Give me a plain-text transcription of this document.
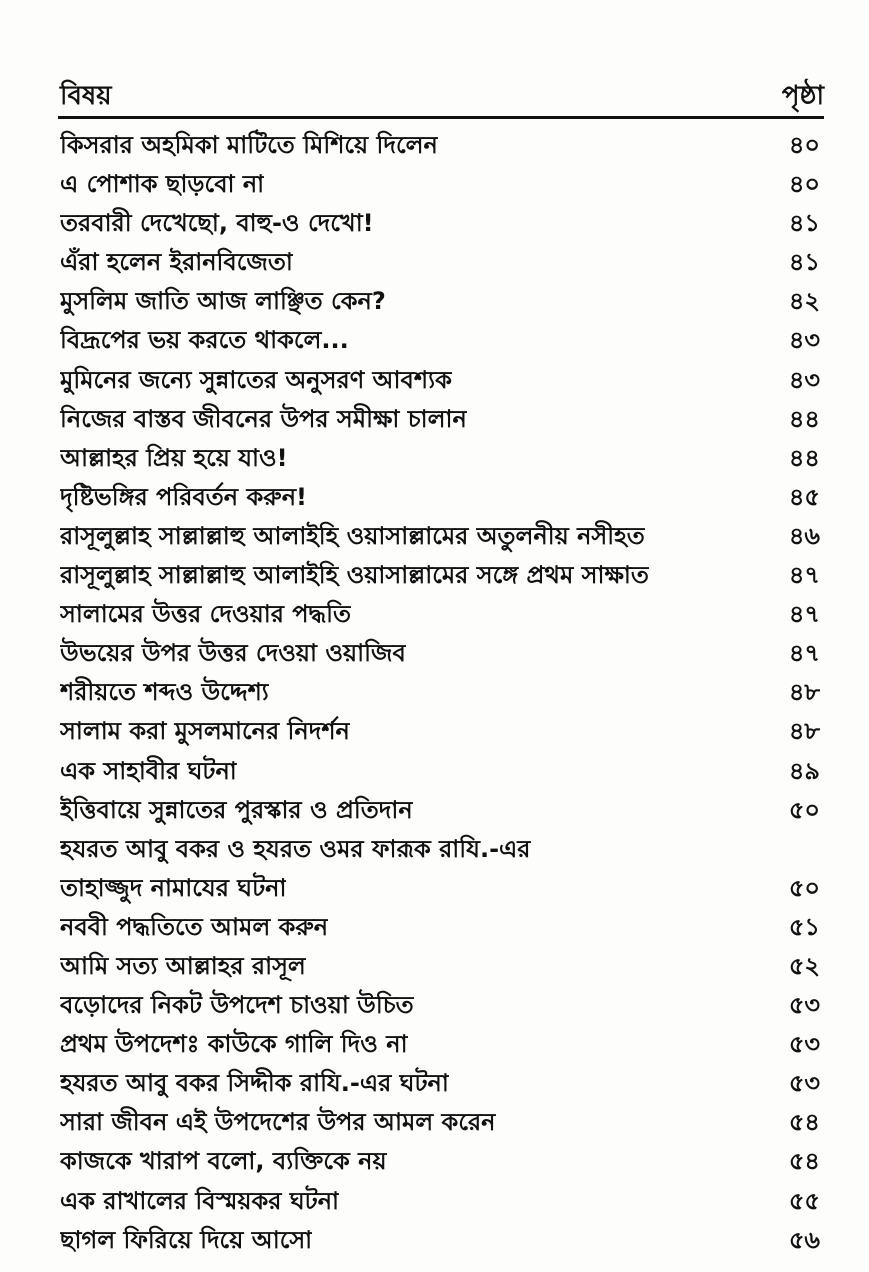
বিষয়	পৃষ্ঠা
কিসরার অহমিকা মাটিতে মিশিয়ে দিলেন	৪০
এ পোশাক ছাড়বো না	৪০
তরবারী দেখেছো, বাহু-ও দেখো!	৪১
এঁরা হলেন ইরানবিজেতা	৪১
মুসলিম জাতি আজ লাঞ্ছিত কেন?	৪২
বিদ্রূপের ভয় করতে থাকলে...	৪৩
মুমিনের জন্যে সুন্নাতের অনুসরণ আবশ্যক	৪৩
নিজের বাস্তব জীবনের উপর সমীক্ষা চালান	৪৪
আল্লাহর প্রিয় হয়ে যাও!	৪৪
দৃষ্টিভঙ্গির পরিবর্তন করুন!	৪৫
রাসূলুল্লাহ সাল্লাল্লাহু আলাইহি ওয়াসাল্লামের অতুলনীয় নসীহত	৪৬
রাসূলুল্লাহ সাল্লাল্লাহু আলাইহি ওয়াসাল্লামের সঙ্গে প্রথম সাক্ষাত	৪৭
সালামের উত্তর দেওয়ার পদ্ধতি	৪৭
উভয়ের উপর উত্তর দেওয়া ওয়াজিব	৪৭
শরীয়তে শব্দও উদ্দেশ্য	৪৮
সালাম করা মুসলমানের নিদর্শন	৪৮
এক সাহাবীর ঘটনা	৪৯
ইত্তিবায়ে সুন্নাতের পুরস্কার ও প্রতিদান	৫০
হযরত আবু বকর ও হযরত ওমর ফারূক রাযি.-এর
তাহাজ্জুদ নামাযের ঘটনা	৫০
নববী পদ্ধতিতে আমল করুন	৫১
আমি সত্য আল্লাহর রাসূল	৫২
বড়োদের নিকট উপদেশ চাওয়া উচিত	৫৩
প্রথম উপদেশঃ কাউকে গালি দিও না	৫৩
হযরত আবু বকর সিদ্দীক রাযি.-এর ঘটনা	৫৩
সারা জীবন এই উপদেশের উপর আমল করেন	৫৪
কাজকে খারাপ বলো, ব্যক্তিকে নয়	৫৪
এক রাখালের বিস্ময়কর ঘটনা	৫৫
ছাগল ফিরিয়ে দিয়ে আসো	৫৬
